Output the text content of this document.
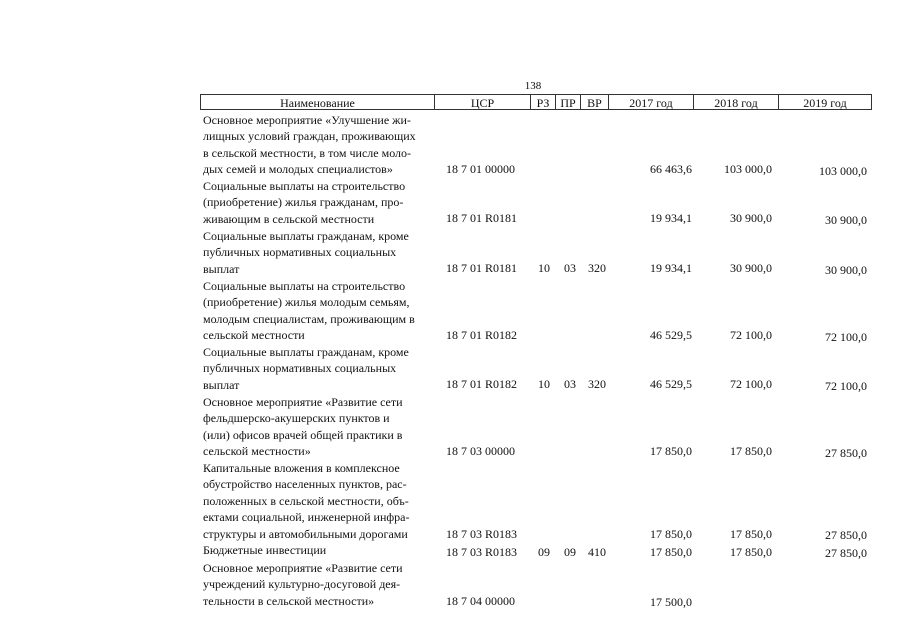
138
Наименование	ЦСР	РЗ ПР ВР	2017 год	2018 год	2019 год
Основное мероприятие «Улучшение жи-
лищных условий граждан, проживающих
в сельской местности, в том числе моло-
дых семей и молодых специалистов»	18 7 01 00000	66 463,6	103 000,0	103 000,0
Социальные выплаты на строительство
(приобретение) жилья гражданам, про-
живающим в сельской местности	18 7 01 R0181	19 934,1	30 900,0	30 900,0
Социальные выплаты гражданам, кроме
публичных нормативных социальных
выплат	18 7 01 R0181 10 03 320	19 934,1	30 900,0	30 900,0
Социальные выплаты на строительство
(приобретение) жилья молодым семьям,
молодым специалистам, проживающим в
сельской местности	18 7 01 R0182	46 529,5	72 100,0	72 100,0
Социальные выплаты гражданам, кроме
публичных нормативных социальных
выплат	18 7 01 R0182 10 03 320	46 529,5	72 100,0	72 100,0
Основное мероприятие «Развитие сети
фельдшерско-акушерских пунктов и
(или) офисов врачей общей практики в
сельской местности»	18 7 03 00000	17 850,0	17 850,0	27 850,0
Капитальные вложения в комплексное
обустройство населенных пунктов, рас-
положенных в сельской местности, объ-
ектами социальной, инженерной инфра-
структуры и автомобильными дорогами	18 7 03 R0183	17 850,0	17 850,0	27 850,0
Бюджетные инвестиции	18 7 03 R0183 09 09 410	17 850,0	17 850,0	27 850,0
Основное мероприятие «Развитие сети
учреждений культурно-досуговой дея-
тельности в сельской местности»	18 7 04 00000	17 500,0
